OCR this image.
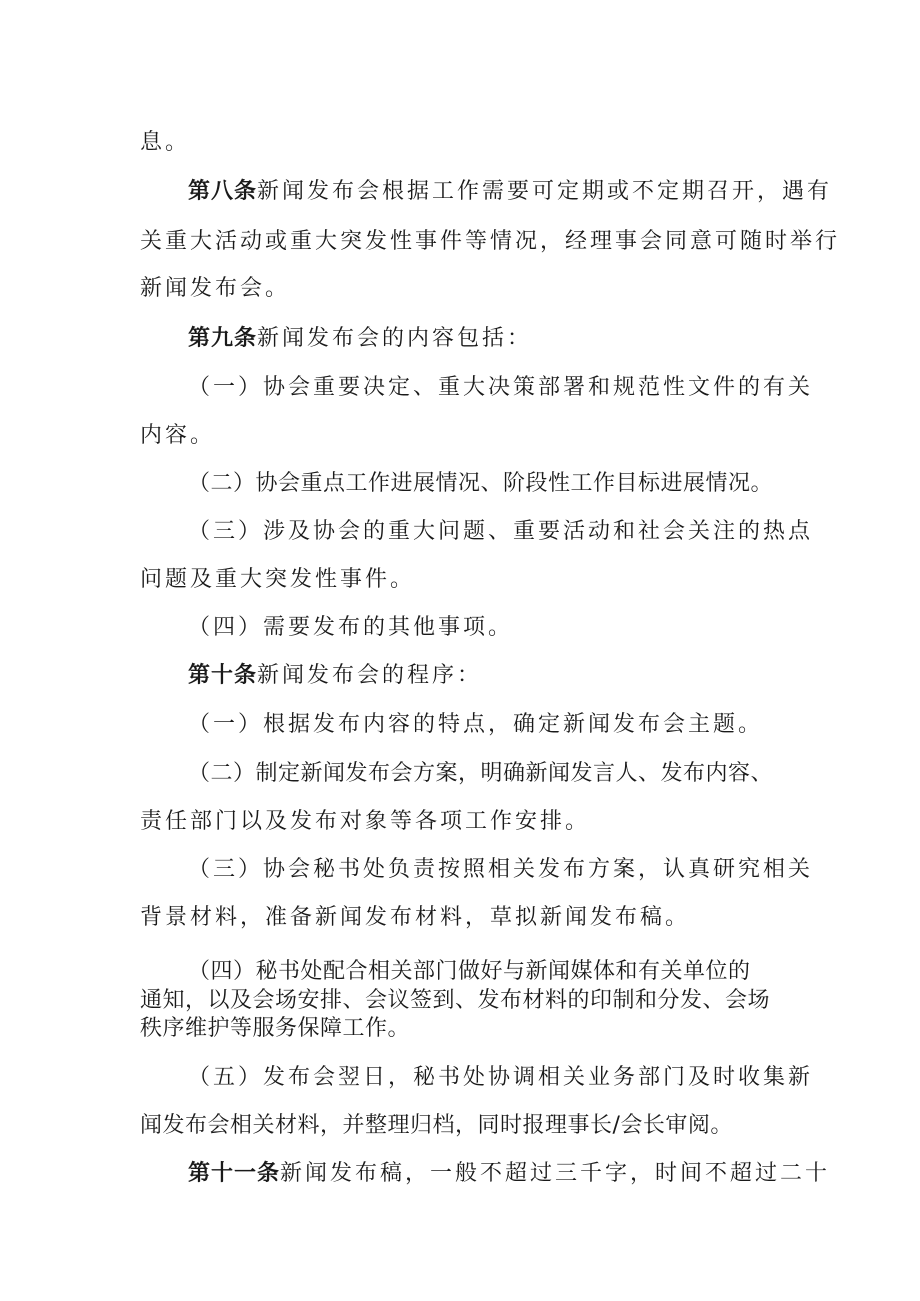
息。
第八条新闻发布会根据工作需要可定期或不定期召开，遇有
关重大活动或重大突发性事件等情况，经理事会同意可随时举行
新闻发布会。
第九条新闻发布会的内容包括：
（一）协会重要决定、重大决策部署和规范性文件的有关
内容。
（二）协会重点工作进展情况、阶段性工作目标进展情况。
（三）涉及协会的重大问题、重要活动和社会关注的热点
问题及重大突发性事件。
（四）需要发布的其他事项。
第十条新闻发布会的程序：
（一）根据发布内容的特点，确定新闻发布会主题。
（二）制定新闻发布会方案，明确新闻发言人、发布内容、
责任部门以及发布对象等各项工作安排。
（三）协会秘书处负责按照相关发布方案，认真研究相关
背景材料，准备新闻发布材料，草拟新闻发布稿。
（四）秘书处配合相关部门做好与新闻媒体和有关单位的
通知，以及会场安排、会议签到、发布材料的印制和分发、会场
秩序维护等服务保障工作。
（五）发布会翌日，秘书处协调相关业务部门及时收集新
闻发布会相关材料，并整理归档，同时报理事长/会长审阅。
第十一条新闻发布稿，一般不超过三千字，时间不超过二十
